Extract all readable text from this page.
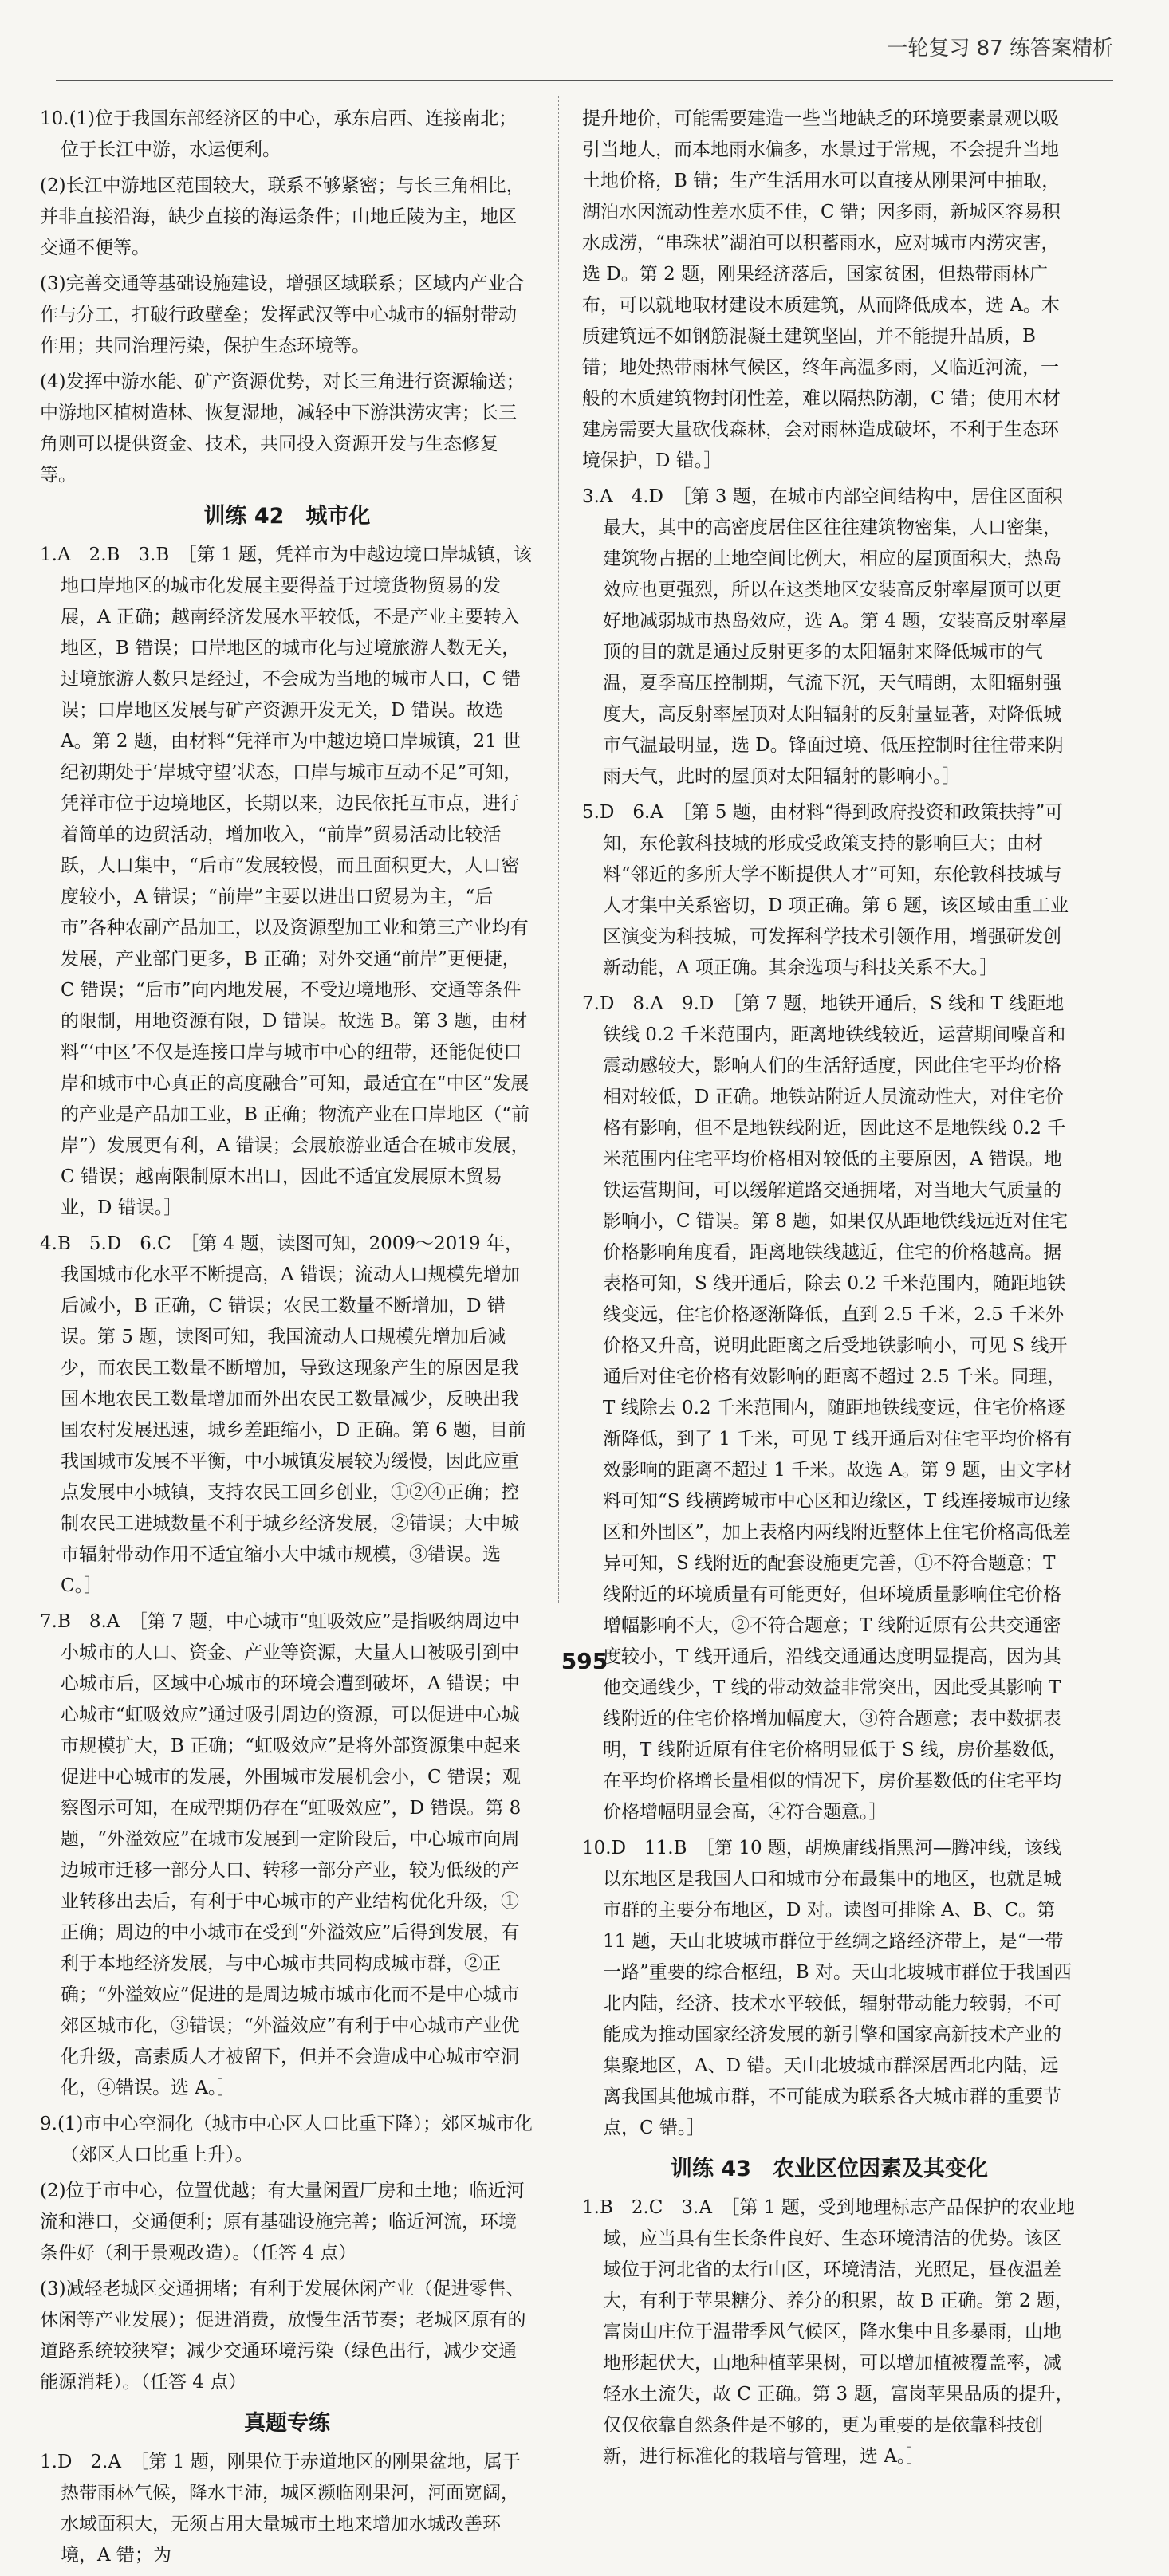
一轮复习 87 练答案精析

10.(1)位于我国东部经济区的中心，承东启西、连接南北；位于长江中游，水运便利。

(2)长江中游地区范围较大，联系不够紧密；与长三角相比，并非直接沿海，缺少直接的海运条件；山地丘陵为主，地区交通不便等。

(3)完善交通等基础设施建设，增强区域联系；区域内产业合作与分工，打破行政壁垒；发挥武汉等中心城市的辐射带动作用；共同治理污染，保护生态环境等。

(4)发挥中游水能、矿产资源优势，对长三角进行资源输送；中游地区植树造林、恢复湿地，减轻中下游洪涝灾害；长三角则可以提供资金、技术，共同投入资源开发与生态修复等。

训练 42　城市化

1.A　2.B　3.B　［第 1 题，凭祥市为中越边境口岸城镇，该地口岸地区的城市化发展主要得益于过境货物贸易的发展，A 正确；越南经济发展水平较低，不是产业主要转入地区，B 错误；口岸地区的城市化与过境旅游人数无关，过境旅游人数只是经过，不会成为当地的城市人口，C 错误；口岸地区发展与矿产资源开发无关，D 错误。故选 A。第 2 题，由材料“凭祥市为中越边境口岸城镇，21 世纪初期处于‘岸城守望’状态，口岸与城市互动不足”可知，凭祥市位于边境地区，长期以来，边民依托互市点，进行着简单的边贸活动，增加收入，“前岸”贸易活动比较活跃，人口集中，“后市”发展较慢，而且面积更大，人口密度较小，A 错误；“前岸”主要以进出口贸易为主，“后市”各种农副产品加工，以及资源型加工业和第三产业均有发展，产业部门更多，B 正确；对外交通“前岸”更便捷，C 错误；“后市”向内地发展，不受边境地形、交通等条件的限制，用地资源有限，D 错误。故选 B。第 3 题，由材料“‘中区’不仅是连接口岸与城市中心的纽带，还能促使口岸和城市中心真正的高度融合”可知，最适宜在“中区”发展的产业是产品加工业，B 正确；物流产业在口岸地区（“前岸”）发展更有利，A 错误；会展旅游业适合在城市发展，C 错误；越南限制原木出口，因此不适宜发展原木贸易业，D 错误。］

4.B　5.D　6.C　［第 4 题，读图可知，2009～2019 年，我国城市化水平不断提高，A 错误；流动人口规模先增加后减小，B 正确，C 错误；农民工数量不断增加，D 错误。第 5 题，读图可知，我国流动人口规模先增加后减少，而农民工数量不断增加，导致这现象产生的原因是我国本地农民工数量增加而外出农民工数量减少，反映出我国农村发展迅速，城乡差距缩小，D 正确。第 6 题，目前我国城市发展不平衡，中小城镇发展较为缓慢，因此应重点发展中小城镇，支持农民工回乡创业，①②④正确；控制农民工进城数量不利于城乡经济发展，②错误；大中城市辐射带动作用不适宜缩小大中城市规模，③错误。选 C。］

7.B　8.A　［第 7 题，中心城市“虹吸效应”是指吸纳周边中小城市的人口、资金、产业等资源，大量人口被吸引到中心城市后，区域中心城市的环境会遭到破坏，A 错误；中心城市“虹吸效应”通过吸引周边的资源，可以促进中心城市规模扩大，B 正确；“虹吸效应”是将外部资源集中起来促进中心城市的发展，外围城市发展机会小，C 错误；观察图示可知，在成型期仍存在“虹吸效应”，D 错误。第 8 题，“外溢效应”在城市发展到一定阶段后，中心城市向周边城市迁移一部分人口、转移一部分产业，较为低级的产业转移出去后，有利于中心城市的产业结构优化升级，①正确；周边的中小城市在受到“外溢效应”后得到发展，有利于本地经济发展，与中心城市共同构成城市群，②正确；“外溢效应”促进的是周边城市城市化而不是中心城市郊区城市化，③错误；“外溢效应”有利于中心城市产业优化升级，高素质人才被留下，但并不会造成中心城市空洞化，④错误。选 A。］

9.(1)市中心空洞化（城市中心区人口比重下降）；郊区城市化（郊区人口比重上升）。

(2)位于市中心，位置优越；有大量闲置厂房和土地；临近河流和港口，交通便利；原有基础设施完善；临近河流，环境条件好（利于景观改造）。（任答 4 点）

(3)减轻老城区交通拥堵；有利于发展休闲产业（促进零售、休闲等产业发展）；促进消费，放慢生活节奏；老城区原有的道路系统较狭窄；减少交通环境污染（绿色出行，减少交通能源消耗）。（任答 4 点）

真题专练

1.D　2.A　［第 1 题，刚果位于赤道地区的刚果盆地，属于热带雨林气候，降水丰沛，城区濒临刚果河，河面宽阔，水域面积大，无须占用大量城市土地来增加水城改善环境，A 错；为

提升地价，可能需要建造一些当地缺乏的环境要素景观以吸引当地人，而本地雨水偏多，水景过于常规，不会提升当地土地价格，B 错；生产生活用水可以直接从刚果河中抽取，湖泊水因流动性差水质不佳，C 错；因多雨，新城区容易积水成涝，“串珠状”湖泊可以积蓄雨水，应对城市内涝灾害，选 D。第 2 题，刚果经济落后，国家贫困，但热带雨林广布，可以就地取材建设木质建筑，从而降低成本，选 A。木质建筑远不如钢筋混凝土建筑坚固，并不能提升品质，B 错；地处热带雨林气候区，终年高温多雨，又临近河流，一般的木质建筑物封闭性差，难以隔热防潮，C 错；使用木材建房需要大量砍伐森林，会对雨林造成破坏，不利于生态环境保护，D 错。］

3.A　4.D　［第 3 题，在城市内部空间结构中，居住区面积最大，其中的高密度居住区往往建筑物密集，人口密集，建筑物占据的土地空间比例大，相应的屋顶面积大，热岛效应也更强烈，所以在这类地区安装高反射率屋顶可以更好地减弱城市热岛效应，选 A。第 4 题，安装高反射率屋顶的目的就是通过反射更多的太阳辐射来降低城市的气温，夏季高压控制期，气流下沉，天气晴朗，太阳辐射强度大，高反射率屋顶对太阳辐射的反射量显著，对降低城市气温最明显，选 D。锋面过境、低压控制时往往带来阴雨天气，此时的屋顶对太阳辐射的影响小。］

5.D　6.A　［第 5 题，由材料“得到政府投资和政策扶持”可知，东伦敦科技城的形成受政策支持的影响巨大；由材料“邻近的多所大学不断提供人才”可知，东伦敦科技城与人才集中关系密切，D 项正确。第 6 题，该区域由重工业区演变为科技城，可发挥科学技术引领作用，增强研发创新动能，A 项正确。其余选项与科技关系不大。］

7.D　8.A　9.D　［第 7 题，地铁开通后，S 线和 T 线距地铁线 0.2 千米范围内，距离地铁线较近，运营期间噪音和震动感较大，影响人们的生活舒适度，因此住宅平均价格相对较低，D 正确。地铁站附近人员流动性大，对住宅价格有影响，但不是地铁线附近，因此这不是地铁线 0.2 千米范围内住宅平均价格相对较低的主要原因，A 错误。地铁运营期间，可以缓解道路交通拥堵，对当地大气质量的影响小，C 错误。第 8 题，如果仅从距地铁线远近对住宅价格影响角度看，距离地铁线越近，住宅的价格越高。据表格可知，S 线开通后，除去 0.2 千米范围内，随距地铁线变远，住宅价格逐渐降低，直到 2.5 千米，2.5 千米外价格又升高，说明此距离之后受地铁影响小，可见 S 线开通后对住宅价格有效影响的距离不超过 2.5 千米。同理，T 线除去 0.2 千米范围内，随距地铁线变远，住宅价格逐渐降低，到了 1 千米，可见 T 线开通后对住宅平均价格有效影响的距离不超过 1 千米。故选 A。第 9 题，由文字材料可知“S 线横跨城市中心区和边缘区，T 线连接城市边缘区和外围区”，加上表格内两线附近整体上住宅价格高低差异可知，S 线附近的配套设施更完善，①不符合题意；T 线附近的环境质量有可能更好，但环境质量影响住宅价格增幅影响不大，②不符合题意；T 线附近原有公共交通密度较小，T 线开通后，沿线交通通达度明显提高，因为其他交通线少，T 线的带动效益非常突出，因此受其影响 T 线附近的住宅价格增加幅度大，③符合题意；表中数据表明，T 线附近原有住宅价格明显低于 S 线，房价基数低，在平均价格增长量相似的情况下，房价基数低的住宅平均价格增幅明显会高，④符合题意。］

10.D　11.B　［第 10 题，胡焕庸线指黑河—腾冲线，该线以东地区是我国人口和城市分布最集中的地区，也就是城市群的主要分布地区，D 对。读图可排除 A、B、C。第 11 题，天山北坡城市群位于丝绸之路经济带上，是“一带一路”重要的综合枢纽，B 对。天山北坡城市群位于我国西北内陆，经济、技术水平较低，辐射带动能力较弱，不可能成为推动国家经济发展的新引擎和国家高新技术产业的集聚地区，A、D 错。天山北坡城市群深居西北内陆，远离我国其他城市群，不可能成为联系各大城市群的重要节点，C 错。］

训练 43　农业区位因素及其变化

1.B　2.C　3.A　［第 1 题，受到地理标志产品保护的农业地域，应当具有生长条件良好、生态环境清洁的优势。该区域位于河北省的太行山区，环境清洁，光照足，昼夜温差大，有利于苹果糖分、养分的积累，故 B 正确。第 2 题，富岗山庄位于温带季风气候区，降水集中且多暴雨，山地地形起伏大，山地种植苹果树，可以增加植被覆盖率，减轻水土流失，故 C 正确。第 3 题，富岗苹果品质的提升，仅仅依靠自然条件是不够的，更为重要的是依靠科技创新，进行标准化的栽培与管理，选 A。］

595
